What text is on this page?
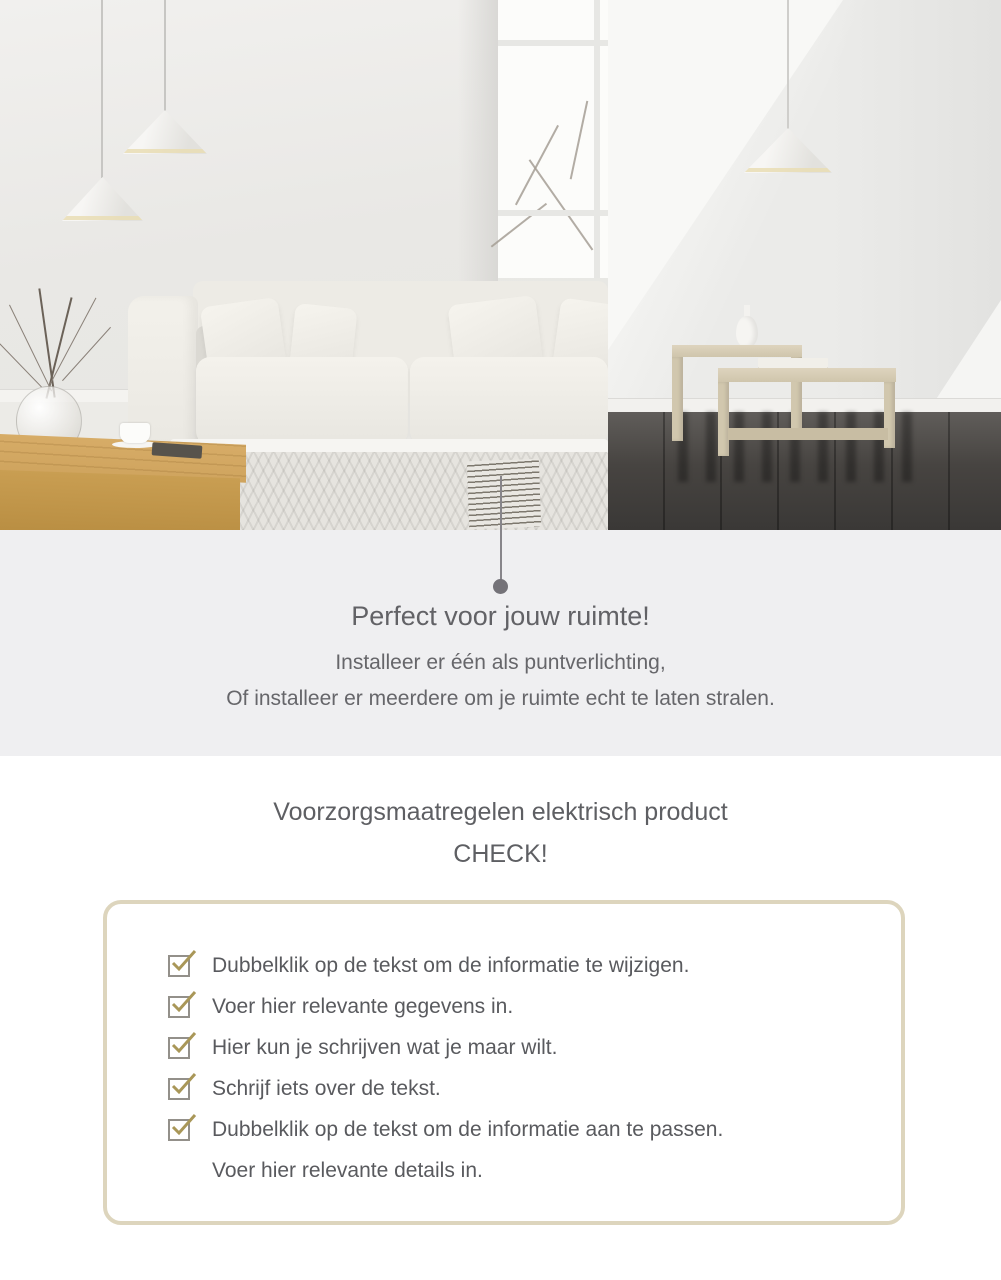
Perfect voor jouw ruimte!
Installeer er één als puntverlichting,
Of installeer er meerdere om je ruimte echt te laten stralen.
Voorzorgsmaatregelen elektrisch product
CHECK!
Dubbelklik op de tekst om de informatie te wijzigen.
Voer hier relevante gegevens in.
Hier kun je schrijven wat je maar wilt.
Schrijf iets over de tekst.
Dubbelklik op de tekst om de informatie aan te passen.
Voer hier relevante details in.
